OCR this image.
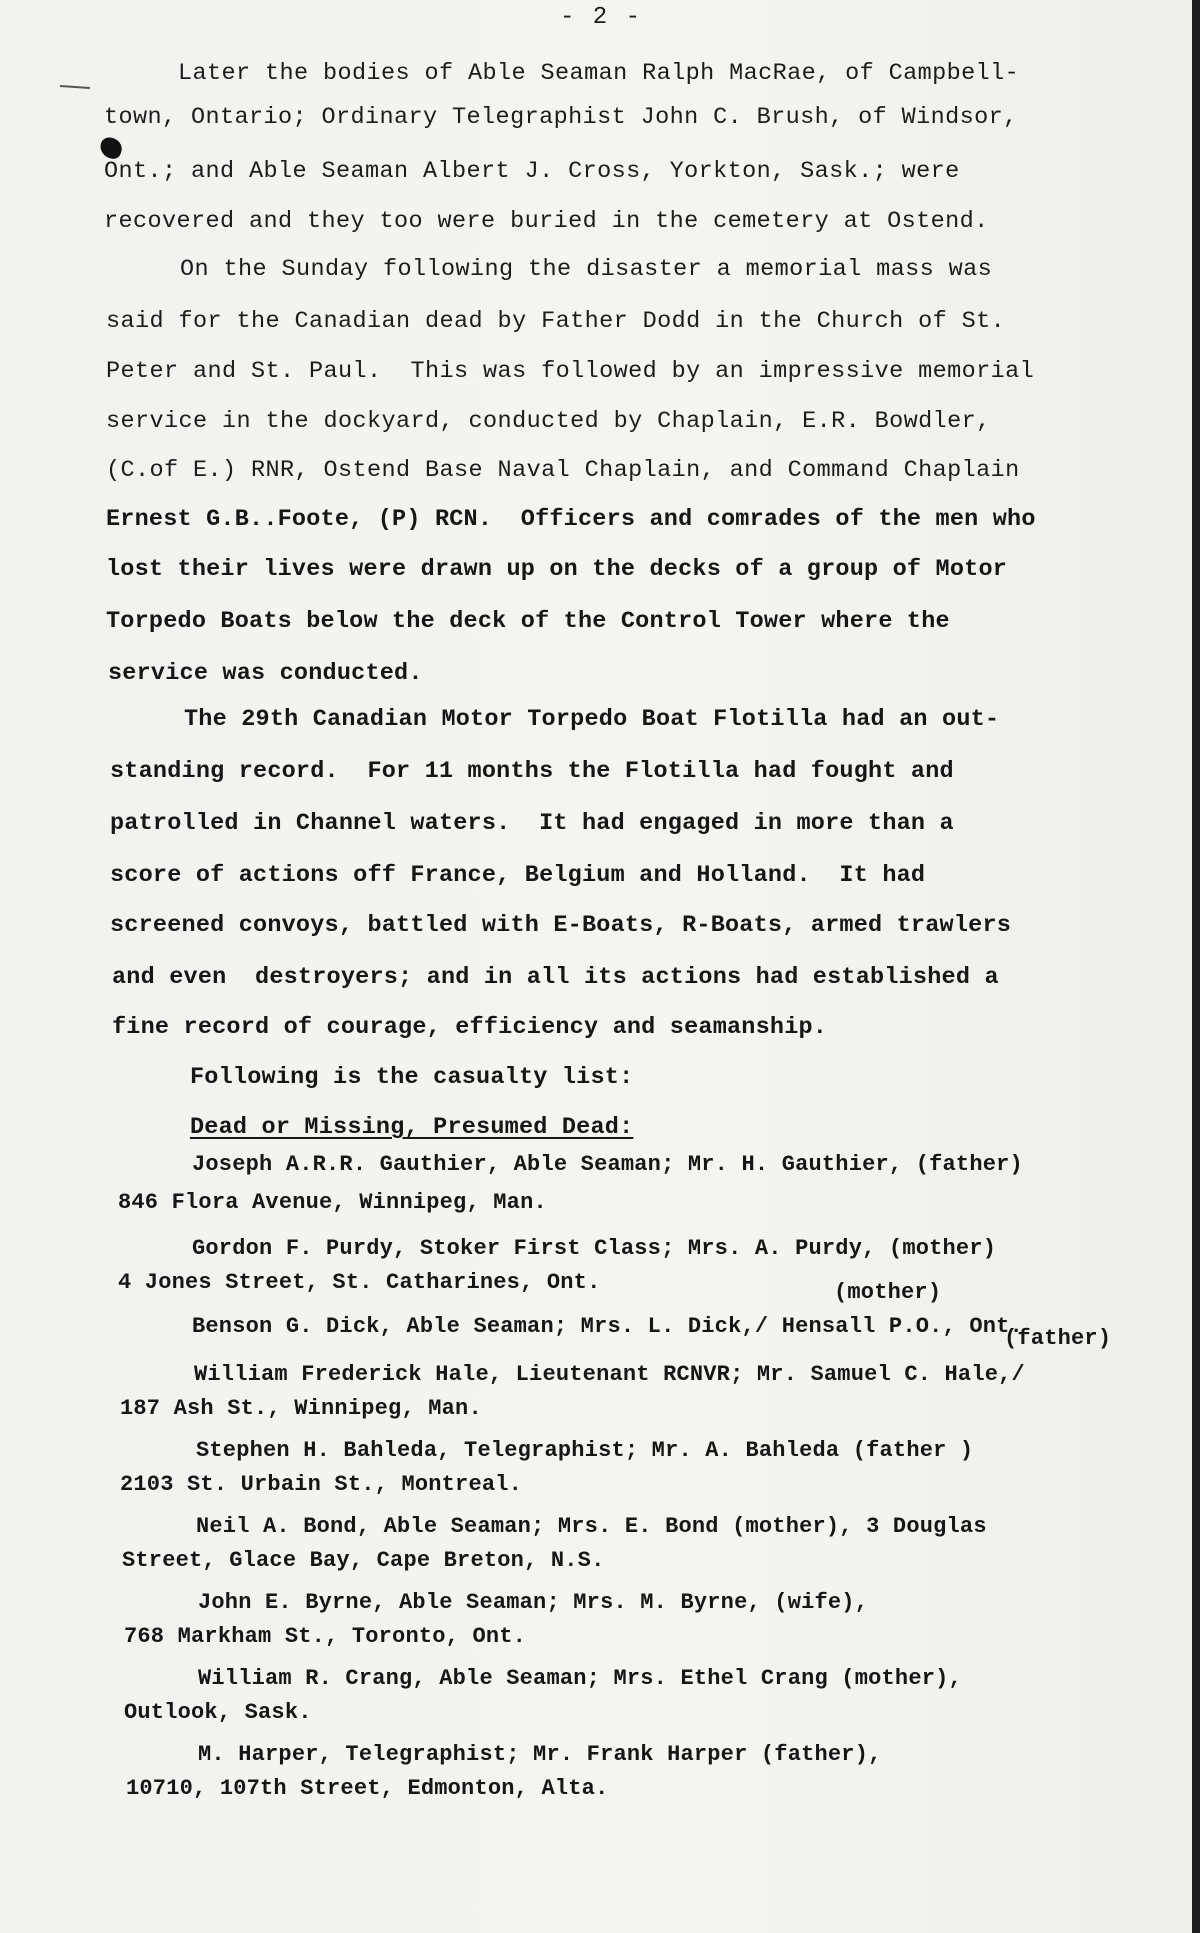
- 2 -
Later the bodies of Able Seaman Ralph MacRae, of Campbell-
town, Ontario; Ordinary Telegraphist John C. Brush, of Windsor,
Ont.; and Able Seaman Albert J. Cross, Yorkton, Sask.; were
recovered and they too were buried in the cemetery at Ostend.
On the Sunday following the disaster a memorial mass was
said for the Canadian dead by Father Dodd in the Church of St.
Peter and St. Paul.  This was followed by an impressive memorial
service in the dockyard, conducted by Chaplain, E.R. Bowdler,
(C.of E.) RNR, Ostend Base Naval Chaplain, and Command Chaplain
Ernest G.B..Foote, (P) RCN.  Officers and comrades of the men who
lost their lives were drawn up on the decks of a group of Motor
Torpedo Boats below the deck of the Control Tower where the
service was conducted.
The 29th Canadian Motor Torpedo Boat Flotilla had an out-
standing record.  For 11 months the Flotilla had fought and
patrolled in Channel waters.  It had engaged in more than a
score of actions off France, Belgium and Holland.  It had
screened convoys, battled with E-Boats, R-Boats, armed trawlers
and even  destroyers; and in all its actions had established a
fine record of courage, efficiency and seamanship.
Following is the casualty list:
Dead or Missing, Presumed Dead:
Joseph A.R.R. Gauthier, Able Seaman; Mr. H. Gauthier, (father)
846 Flora Avenue, Winnipeg, Man.
Gordon F. Purdy, Stoker First Class; Mrs. A. Purdy, (mother)
4 Jones Street, St. Catharines, Ont.	(mother)
Benson G. Dick, Able Seaman; Mrs. L. Dick,/ Hensall P.O., Ont.
(father)
William Frederick Hale, Lieutenant RCNVR; Mr. Samuel C. Hale,/
187 Ash St., Winnipeg, Man.
Stephen H. Bahleda, Telegraphist; Mr. A. Bahleda (father )
2103 St. Urbain St., Montreal.
Neil A. Bond, Able Seaman; Mrs. E. Bond (mother), 3 Douglas
Street, Glace Bay, Cape Breton, N.S.
John E. Byrne, Able Seaman; Mrs. M. Byrne, (wife),
768 Markham St., Toronto, Ont.
William R. Crang, Able Seaman; Mrs. Ethel Crang (mother),
Outlook, Sask.
M. Harper, Telegraphist; Mr. Frank Harper (father),
10710, 107th Street, Edmonton, Alta.
